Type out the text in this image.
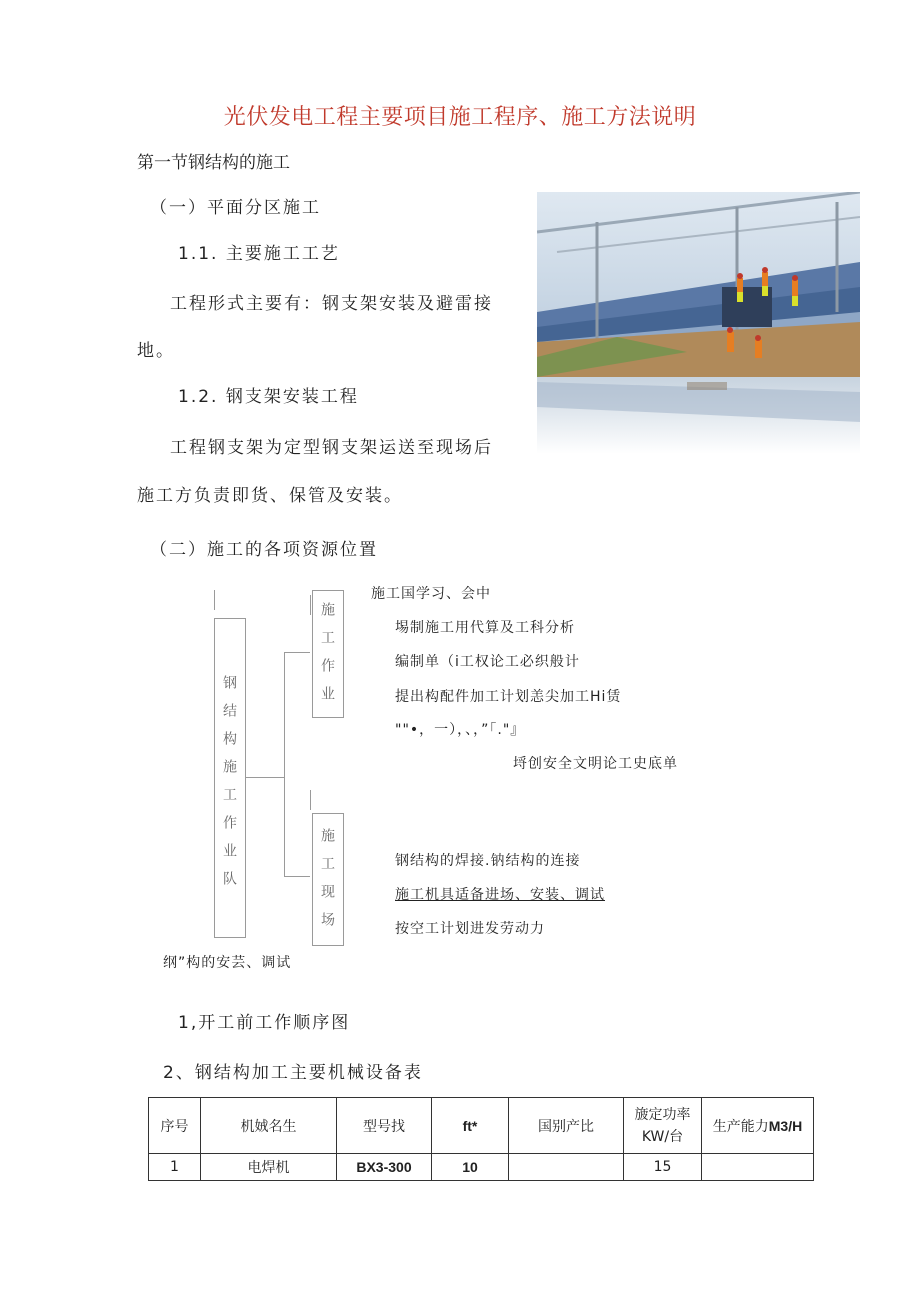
光伏发电工程主要项目施工程序、施工方法说明
第一节钢结构的施工
（一）平面分区施工
1.1. 主要施工工艺
工程形式主要有：钢支架安装及避雷接
地。
1.2. 钢支架安装工程
工程钢支架为定型钢支架运送至现场后
施工方负责即货、保管及安装。
（二）施工的各项资源位置
钢结构施工作业队
施工作业
施工现场
施工国学习、会中
埸制施工用代算及工科分析
编制单（i工权论工必织般计
提出构配件加工计划恙尖加工Hi赁
""•，一），、，”「."』
埒创安全文明论工史底单
钢结构的焊接.钠结构的连接
施工机具适备进场、安装、调试
按空工计划进发劳动力
纲”构的安芸、调试
1,开工前工作顺序图
2、钢结构加工主要机械设备表
序号	机娀名生	型号找	ft*	国别产比	旇定功率
KW/台	生产能力M3/H
1	电焊机	BX3-300	10		15	
